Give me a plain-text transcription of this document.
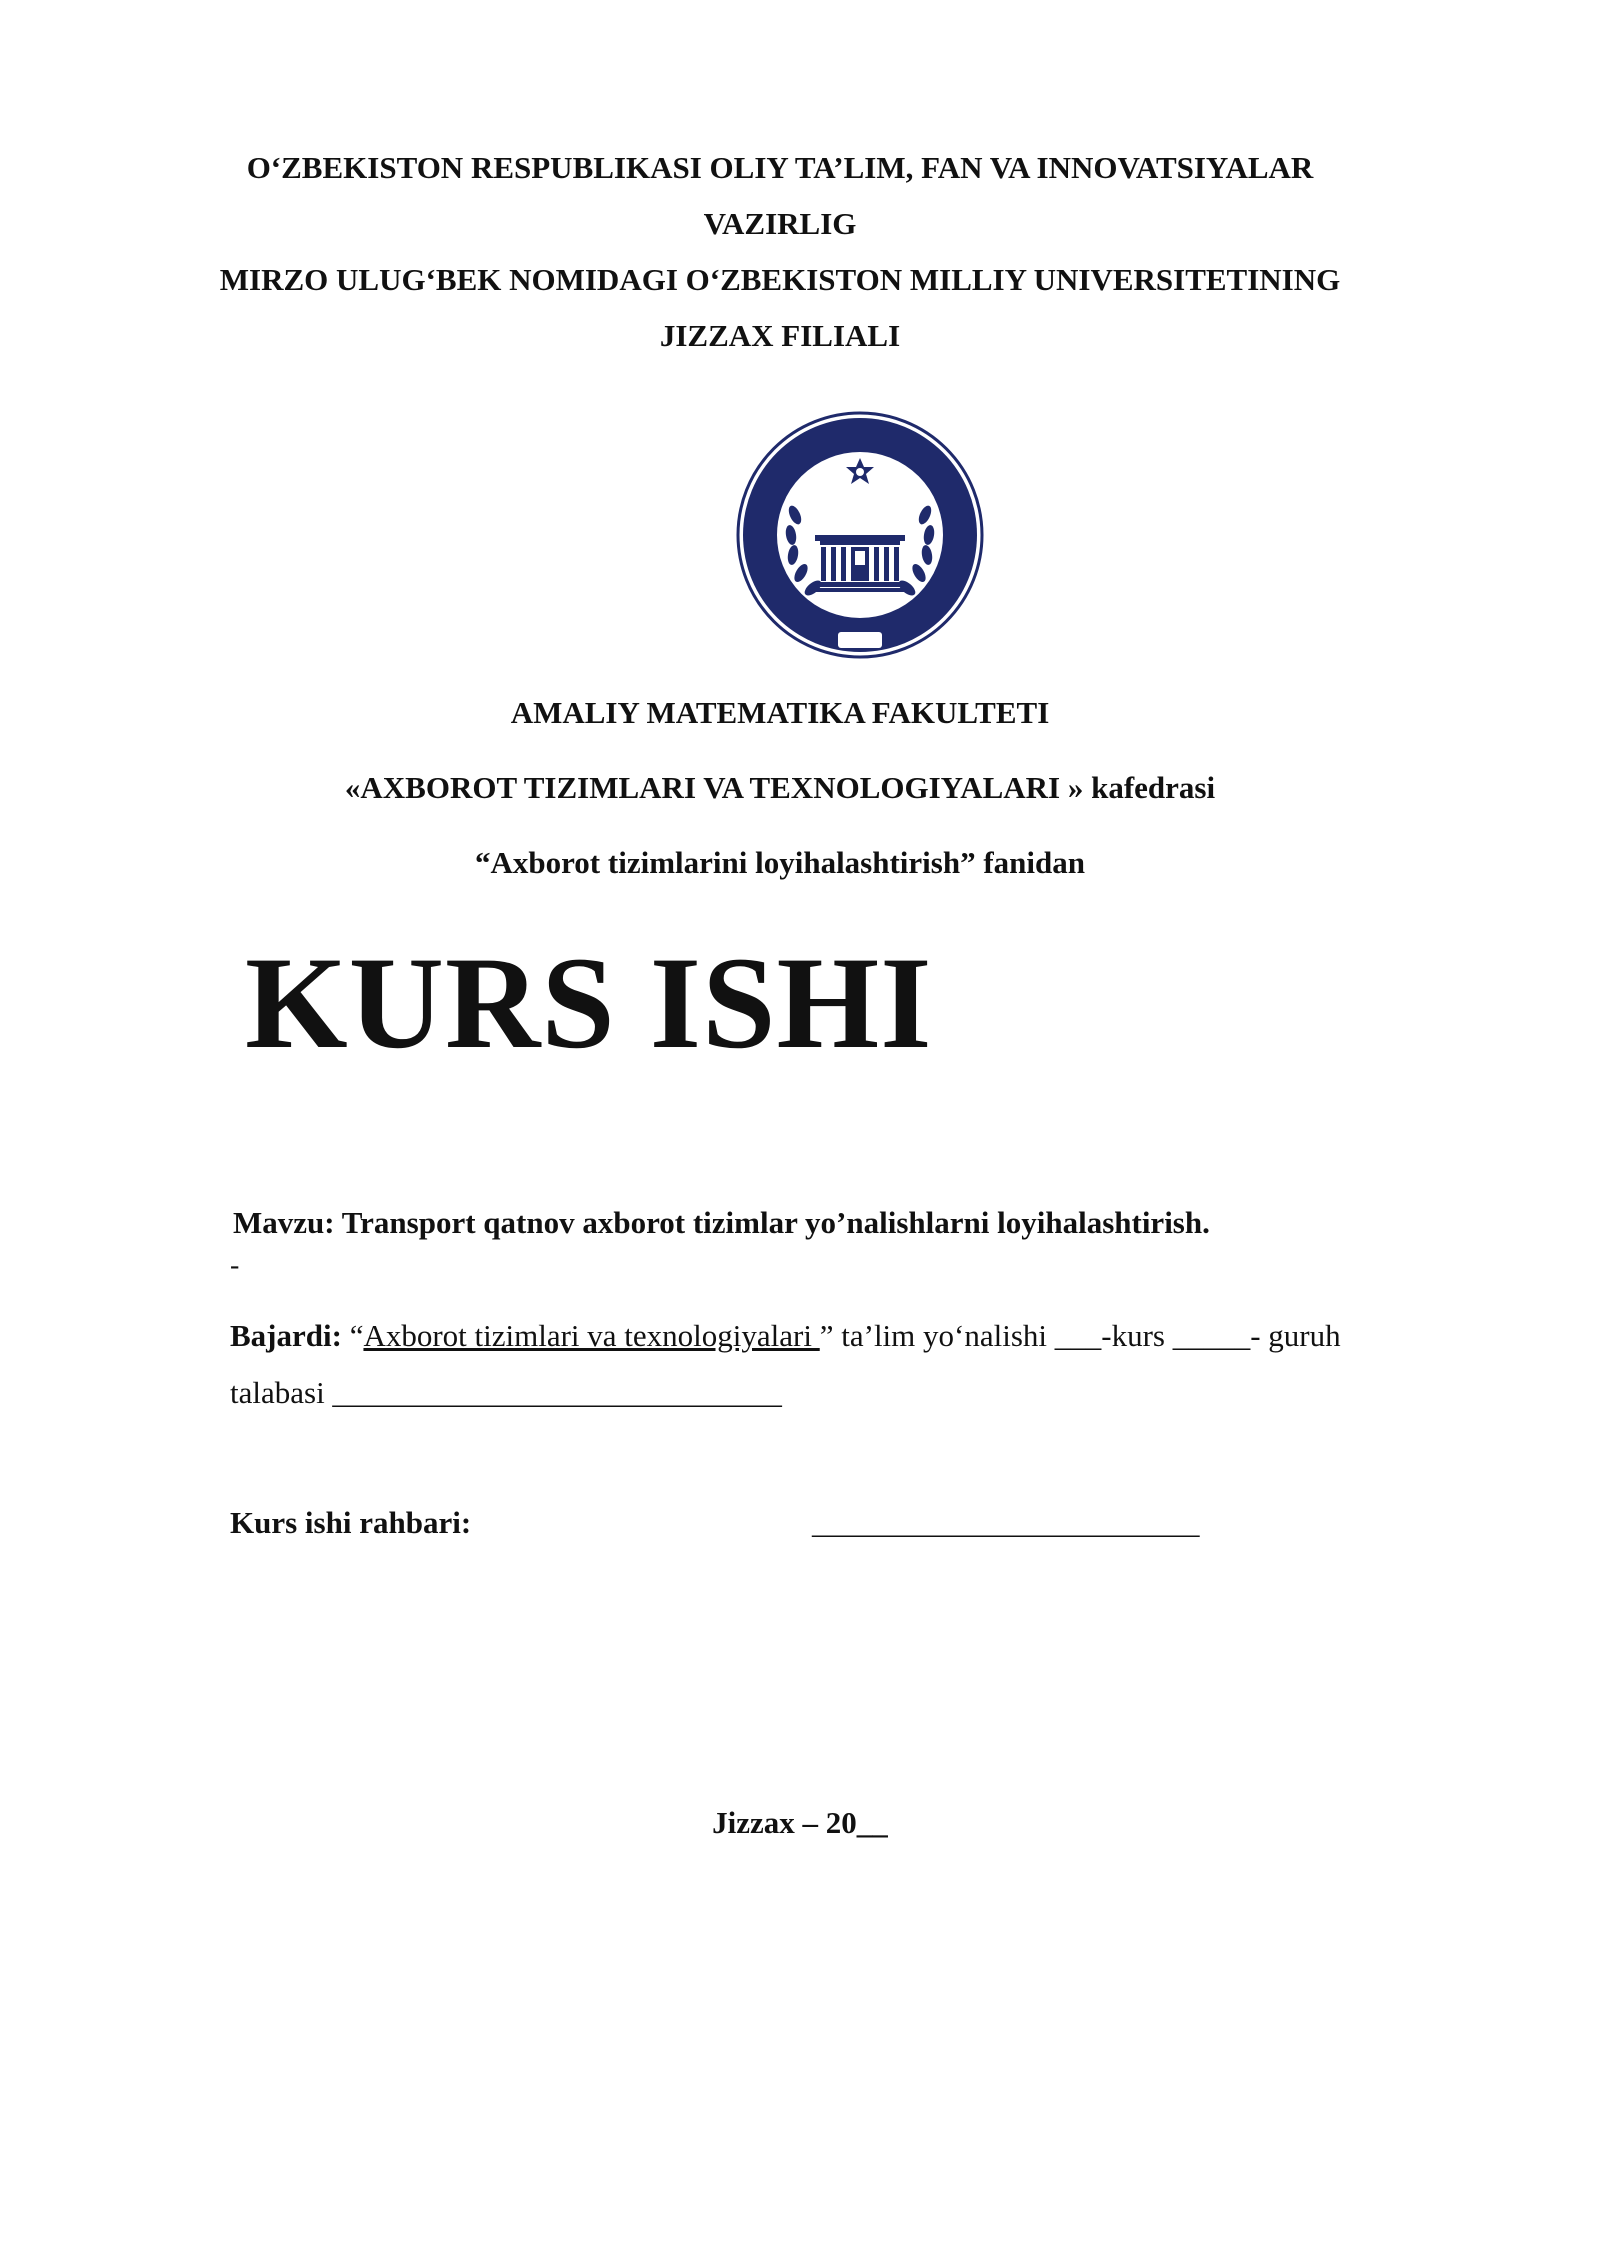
O‘ZBEKISTON RESPUBLIKASI OLIY TA’LIM, FAN VA INNOVATSIYALAR
VAZIRLIG
MIRZO ULUG‘BEK NOMIDAGI O‘ZBEKISTON MILLIY UNIVERSITETINING
JIZZAX FILIALI
AMALIY MATEMATIKA FAKULTETI
«AXBOROT TIZIMLARI VA TEXNOLOGIYALARI » kafedrasi
“Axborot tizimlarini loyihalashtirish” fanidan
KURS ISHI
Mavzu: Transport qatnov axborot tizimlar yo’nalishlarni loyihalashtirish.
-
Bajardi: “Axborot tizimlari va texnologiyalari ” ta’lim yo‘nalishi ___-kurs _____- guruh
talabasi _____________________________
Kurs ishi rahbari:	_________________________
Jizzax – 20__
